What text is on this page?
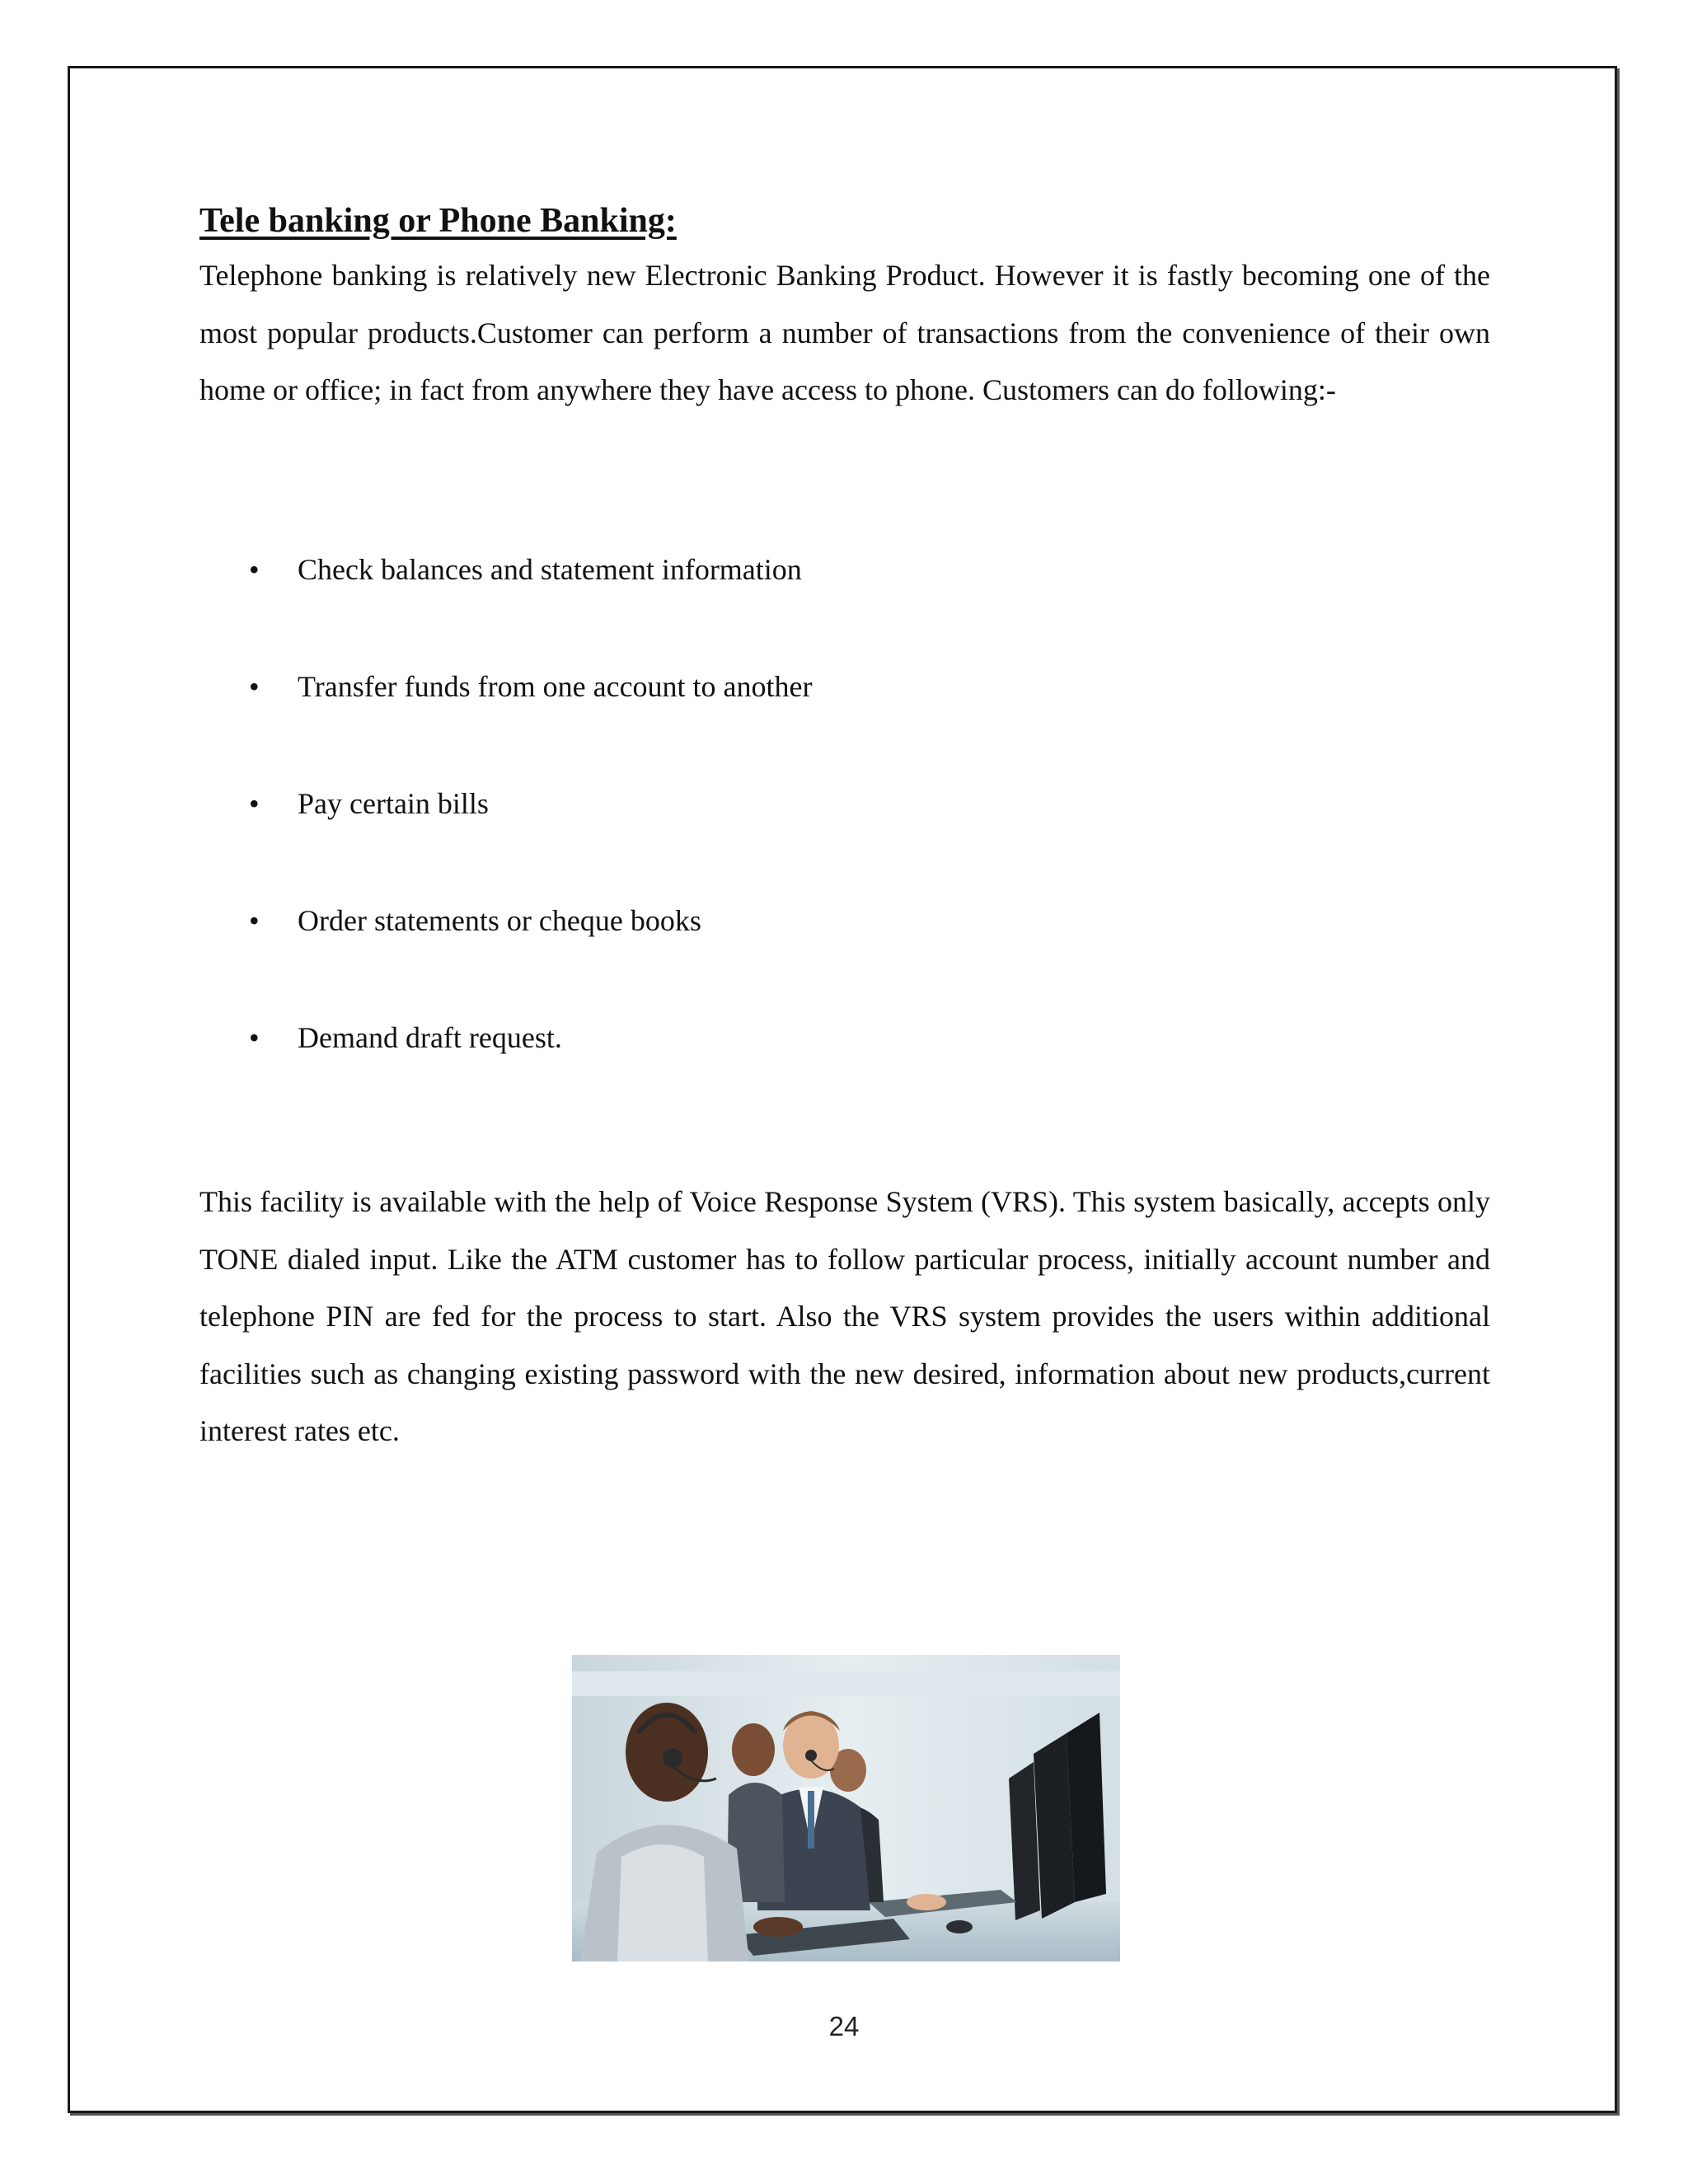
Tele banking or Phone Banking:

Telephone banking is relatively new Electronic Banking Product. However it is fastly becoming one of the most popular products.Customer can perform a number of transactions from the convenience of their own home or office; in fact from anywhere they have access to phone. Customers can do following:-

• Check balances and statement information
• Transfer funds from one account to another
• Pay certain bills
• Order statements or cheque books
• Demand draft request.

This facility is available with the help of Voice Response System (VRS). This system basically, accepts only TONE dialed input. Like the ATM customer has to follow particular process, initially account number and telephone PIN are fed for the process to start. Also the VRS system provides the users within additional facilities such as changing existing password with the new desired, information about new products,current interest rates etc.

24
